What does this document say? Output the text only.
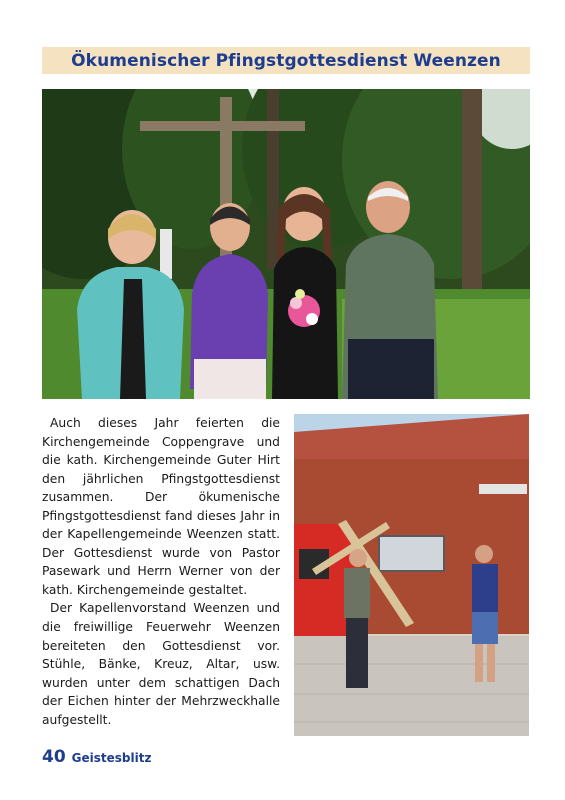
Ökumenischer Pfingstgottesdienst Weenzen

Auch dieses Jahr feierten die Kirchengemeinde Coppengrave und die kath. Kirchengemeinde Guter Hirt den jährlichen Pfingstgottesdienst zusammen. Der ökumenische Pfingstgottesdienst fand dieses Jahr in der Kapellengemeinde Weenzen statt. Der Gottesdienst wurde von Pastor Pasewark und Herrn Werner von der kath. Kirchengemeinde gestaltet.

Der Kapellenvorstand Weenzen und die freiwillige Feuerwehr Weenzen bereiteten den Gottesdienst vor. Stühle, Bänke, Kreuz, Altar, usw. wurden unter dem schattigen Dach der Eichen hinter der Mehrzweckhalle aufgestellt.

40 Geistesblitz
